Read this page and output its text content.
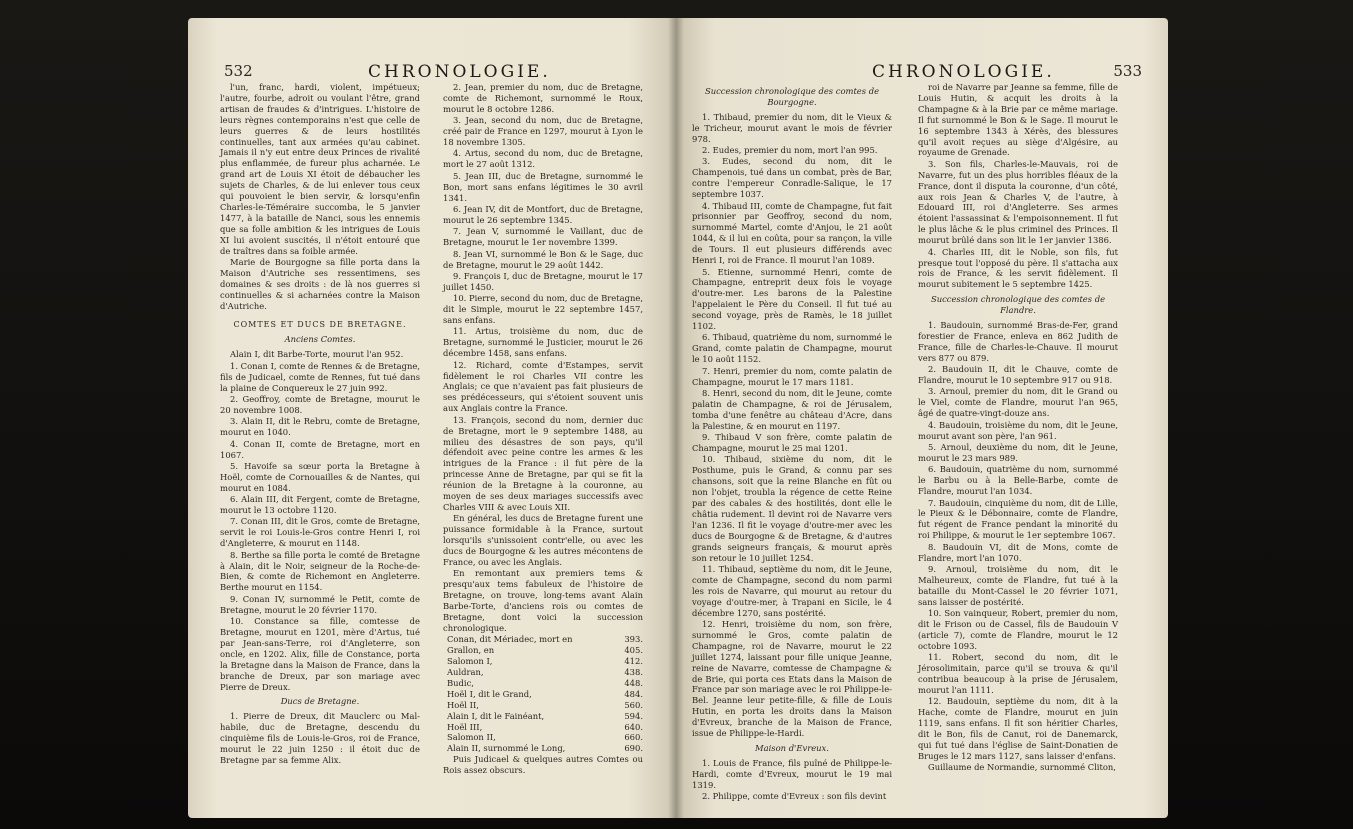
532	CHRONOLOGIE.

l'un, franc, hardi, violent, impétueux; l'autre, fourbe, adroit ou voulant l'être, grand artisan de fraudes & d'intrigues. L'histoire de leurs règnes contemporains n'est que celle de leurs guerres & de leurs hostilités continuelles, tant aux armées qu'au cabinet. Jamais il n'y eut entre deux Princes de rivalité plus enflammée, de fureur plus acharnée. Le grand art de Louis XI étoit de débaucher les sujets de Charles, & de lui enlever tous ceux qui pouvoient le bien servir, & lorsqu'enfin Charles-le-Téméraire succomba, le 5 janvier 1477, à la bataille de Nanci, sous les ennemis que sa folle ambition & les intrigues de Louis XI lui avoient suscités, il n'étoit entouré que de traîtres dans sa foible armée.

Marie de Bourgogne sa fille porta dans la Maison d'Autriche ses ressentimens, ses domaines & ses droits : de là nos guerres si continuelles & si acharnées contre la Maison d'Autriche.

COMTES ET DUCS DE BRETAGNE.
Anciens Comtes.

Alain I, dit Barbe-Torte, mourut l'an 952.

1. Conan I, comte de Rennes & de Bretagne, fils de Judicael, comte de Rennes, fut tué dans la plaine de Conquereux le 27 juin 992.

2. Geoffroy, comte de Bretagne, mourut le 20 novembre 1008.

3. Alain II, dit le Rebru, comte de Bretagne, mourut en 1040.

4. Conan II, comte de Bretagne, mort en 1067.

5. Havoife sa sœur porta la Bretagne à Hoël, comte de Cornouailles & de Nantes, qui mourut en 1084.

6. Alain III, dit Fergent, comte de Bretagne, mourut le 13 octobre 1120.

7. Conan III, dit le Gros, comte de Bretagne, servit le roi Louis-le-Gros contre Henri I, roi d'Angleterre, & mourut en 1148.

8. Berthe sa fille porta le comté de Bretagne à Alain, dit le Noir, seigneur de la Roche-de-Bien, & comte de Richemont en Angleterre. Berthe mourut en 1154.

9. Conan IV, surnommé le Petit, comte de Bretagne, mourut le 20 février 1170.

10. Constance sa fille, comtesse de Bretagne, mourut en 1201, mère d'Artus, tué par Jean-sans-Terre, roi d'Angleterre, son oncle, en 1202. Alix, fille de Constance, porta la Bretagne dans la Maison de France, dans la branche de Dreux, par son mariage avec Pierre de Dreux.

Ducs de Bretagne.

1. Pierre de Dreux, dit Mauclerc ou Mal-habile, duc de Bretagne, descendu du cinquième fils de Louis-le-Gros, roi de France, mourut le 22 juin 1250 : il étoit duc de Bretagne par sa femme Alix.

2. Jean, premier du nom, duc de Bretagne, comte de Richemont, surnommé le Roux, mourut le 8 octobre 1286.

3. Jean, second du nom, duc de Bretagne, créé pair de France en 1297, mourut à Lyon le 18 novembre 1305.

4. Artus, second du nom, duc de Bretagne, mort le 27 août 1312.

5. Jean III, duc de Bretagne, surnommé le Bon, mort sans enfans légitimes le 30 avril 1341.

6. Jean IV, dit de Montfort, duc de Bretagne, mourut le 26 septembre 1345.

7. Jean V, surnommé le Vaillant, duc de Bretagne, mourut le 1er novembre 1399.

8. Jean VI, surnommé le Bon & le Sage, duc de Bretagne, mourut le 29 août 1442.

9. François I, duc de Bretagne, mourut le 17 juillet 1450.

10. Pierre, second du nom, duc de Bretagne, dit le Simple, mourut le 22 septembre 1457, sans enfans.

11. Artus, troisième du nom, duc de Bretagne, surnommé le Justicier, mourut le 26 décembre 1458, sans enfans.

12. Richard, comte d'Estampes, servit fidèlement le roi Charles VII contre les Anglais; ce que n'avaient pas fait plusieurs de ses prédécesseurs, qui s'étoient souvent unis aux Anglais contre la France.

13. François, second du nom, dernier duc de Bretagne, mort le 9 septembre 1488, au milieu des désastres de son pays, qu'il défendoit avec peine contre les armes & les intrigues de la France : il fut père de la princesse Anne de Bretagne, par qui se fit la réunion de la Bretagne à la couronne, au moyen de ses deux mariages successifs avec Charles VIII & avec Louis XII.

En général, les ducs de Bretagne furent une puissance formidable à la France, surtout lorsqu'ils s'unissoient contr'elle, ou avec les ducs de Bourgogne & les autres mécontens de France, ou avec les Anglais.

En remontant aux premiers tems & presqu'aux tems fabuleux de l'histoire de Bretagne, on trouve, long-tems avant Alain Barbe-Torte, d'anciens rois ou comtes de Bretagne, dont voici la succession chronologique.

Conan, dit Mériadec, mort en	393.
Grallon, en	405.
Salomon I,	412.
Auldran,	438.
Budic,	448.
Hoël I, dit le Grand,	484.
Hoël II,	560.
Alain I, dit le Fainéant,	594.
Hoël III,	640.
Salomon II,	660.
Alain II, surnommé le Long,	690.

Puis Judicael & quelques autres Comtes ou Rois assez obscurs.

CHRONOLOGIE.	533
Succession chronologique des comtes de Bourgogne.

1. Thibaud, premier du nom, dit le Vieux & le Tricheur, mourut avant le mois de février 978.

2. Eudes, premier du nom, mort l'an 995.

3. Eudes, second du nom, dit le Champenois, tué dans un combat, près de Bar, contre l'empereur Conradle-Salique, le 17 septembre 1037.

4. Thibaud III, comte de Champagne, fut fait prisonnier par Geoffroy, second du nom, surnommé Martel, comte d'Anjou, le 21 août 1044, & il lui en coûta, pour sa rançon, la ville de Tours. Il eut plusieurs différends avec Henri I, roi de France. Il mourut l'an 1089.

5. Etienne, surnommé Henri, comte de Champagne, entreprit deux fois le voyage d'outre-mer. Les barons de la Palestine l'appelaient le Père du Conseil. Il fut tué au second voyage, près de Ramès, le 18 juillet 1102.

6. Thibaud, quatrième du nom, surnommé le Grand, comte palatin de Champagne, mourut le 10 août 1152.

7. Henri, premier du nom, comte palatin de Champagne, mourut le 17 mars 1181.

8. Henri, second du nom, dit le Jeune, comte palatin de Champagne, & roi de Jérusalem, tomba d'une fenêtre au château d'Acre, dans la Palestine, & en mourut en 1197.

9. Thibaud V son frère, comte palatin de Champagne, mourut le 25 mai 1201.

10. Thibaud, sixième du nom, dit le Posthume, puis le Grand, & connu par ses chansons, soit que la reine Blanche en fût ou non l'objet, troubla la régence de cette Reine par des cabales & des hostilités, dont elle le châtia rudement. Il devint roi de Navarre vers l'an 1236. Il fit le voyage d'outre-mer avec les ducs de Bourgogne & de Bretagne, & d'autres grands seigneurs français, & mourut après son retour le 10 juillet 1254.

11. Thibaud, septième du nom, dit le Jeune, comte de Champagne, second du nom parmi les rois de Navarre, qui mourut au retour du voyage d'outre-mer, à Trapani en Sicile, le 4 décembre 1270, sans postérité.

12. Henri, troisième du nom, son frère, surnommé le Gros, comte palatin de Champagne, roi de Navarre, mourut le 22 juillet 1274, laissant pour fille unique Jeanne, reine de Navarre, comtesse de Champagne & de Brie, qui porta ces Etats dans la Maison de France par son mariage avec le roi Philippe-le-Bel. Jeanne leur petite-fille, & fille de Louis Hutin, en porta les droits dans la Maison d'Evreux, branche de la Maison de France, issue de Philippe-le-Hardi.

Maison d'Evreux.

1. Louis de France, fils puîné de Philippe-le-Hardi, comte d'Evreux, mourut le 19 mai 1319.

2. Philippe, comte d'Evreux : son fils devint

roi de Navarre par Jeanne sa femme, fille de Louis Hutin, & acquit les droits à la Champagne & à la Brie par ce même mariage. Il fut surnommé le Bon & le Sage. Il mourut le 16 septembre 1343 à Xérès, des blessures qu'il avoit reçues au siège d'Algésire, au royaume de Grenade.

3. Son fils, Charles-le-Mauvais, roi de Navarre, fut un des plus horribles fléaux de la France, dont il disputa la couronne, d'un côté, aux rois Jean & Charles V, de l'autre, à Edouard III, roi d'Angleterre. Ses armes étoient l'assassinat & l'empoisonnement. Il fut le plus lâche & le plus criminel des Princes. Il mourut brûlé dans son lit le 1er janvier 1386.

4. Charles III, dit le Noble, son fils, fut presque tout l'opposé du père. Il s'attacha aux rois de France, & les servit fidèlement. Il mourut subitement le 5 septembre 1425.

Succession chronologique des comtes de Flandre.

1. Baudouin, surnommé Bras-de-Fer, grand forestier de France, enleva en 862 Judith de France, fille de Charles-le-Chauve. Il mourut vers 877 ou 879.

2. Baudouin II, dit le Chauve, comte de Flandre, mourut le 10 septembre 917 ou 918.

3. Arnoul, premier du nom, dit le Grand ou le Viel, comte de Flandre, mourut l'an 965, âgé de quatre-vingt-douze ans.

4. Baudouin, troisième du nom, dit le Jeune, mourut avant son père, l'an 961.

5. Arnoul, deuxième du nom, dit le Jeune, mourut le 23 mars 989.

6. Baudouin, quatrième du nom, surnommé le Barbu ou à la Belle-Barbe, comte de Flandre, mourut l'an 1034.

7. Baudouin, cinquième du nom, dit de Lille, le Pieux & le Débonnaire, comte de Flandre, fut régent de France pendant la minorité du roi Philippe, & mourut le 1er septembre 1067.

8. Baudouin VI, dit de Mons, comte de Flandre, mort l'an 1070.

9. Arnoul, troisième du nom, dit le Malheureux, comte de Flandre, fut tué à la bataille du Mont-Cassel le 20 février 1071, sans laisser de postérité.

10. Son vainqueur, Robert, premier du nom, dit le Frison ou de Cassel, fils de Baudouin V (article 7), comte de Flandre, mourut le 12 octobre 1093.

11. Robert, second du nom, dit le Jérosolimitain, parce qu'il se trouva & qu'il contribua beaucoup à la prise de Jérusalem, mourut l'an 1111.

12. Baudouin, septième du nom, dit à la Hache, comte de Flandre, mourut en juin 1119, sans enfans. Il fit son héritier Charles, dit le Bon, fils de Canut, roi de Danemarck, qui fut tué dans l'église de Saint-Donatien de Bruges le 12 mars 1127, sans laisser d'enfans.

Guillaume de Normandie, surnommé Cliton,
